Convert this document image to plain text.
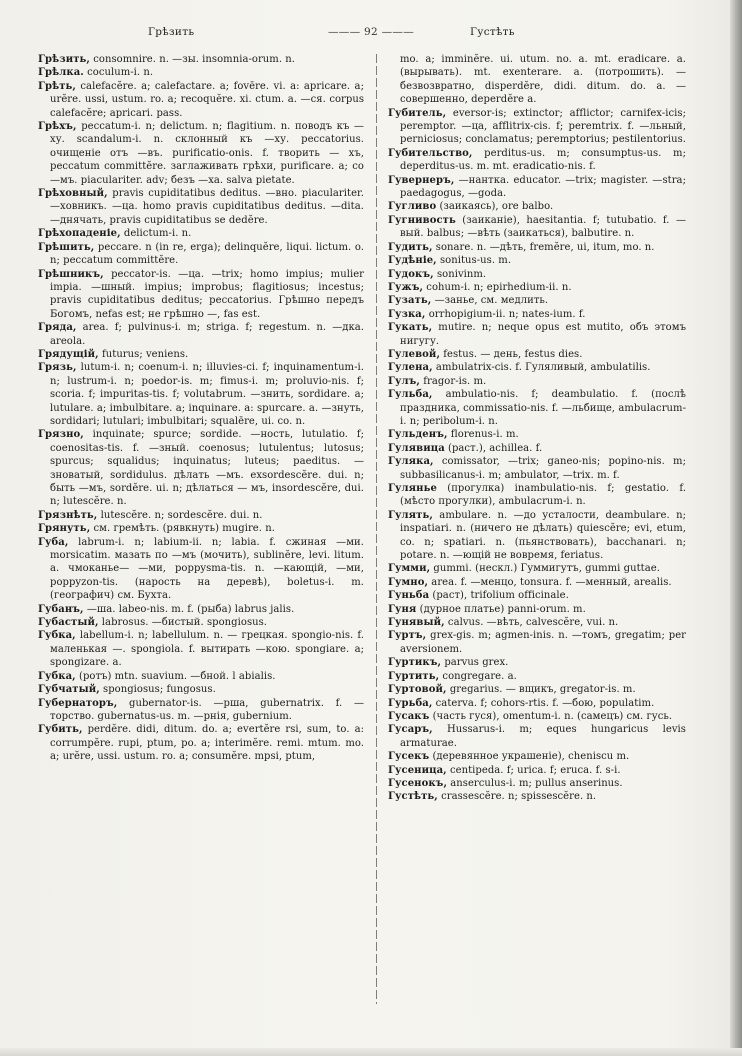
Грѣзить	——— 92 ———	Густѣть

Грѣзить, consomnire. n. —зы. insomnia-orum. n.

Грѣлка. coculum-i. n.

Грѣть, calefacĕre. a; calefactare. a; fovēre. vi. a: apricare. a; urĕre. ussi, ustum. ro. a; recoquĕre. xi. ctum. a. —ся. corpus calefacĕre; apricari. pass.

Грѣхъ, peccatum-i. n; delictum. n; flagitium. n. поводъ къ —ху. scandalum-i. n. склонный къ —ху. peccatorius. очищеніе отъ —въ. purificatio-onis. f. творить — хъ, peccatum committĕre. заглаживать грѣхи, purificare. a; со —мъ. piaculariter. adv; безъ —ха. salva pietate.

Грѣховный, pravis cupiditatibus deditus. —вно. piaculariter. —ховникъ. —ца. homo pravis cupiditatibus deditus. —dita. —днячать, pravis cupiditatibus se dedĕre.

Грѣхопаденіе, delictum-i. n.

Грѣшить, peccare. n (in re, erga); delinquĕre, liqui. lictum. o. n; peccatum committĕre.

Грѣшникъ, peccator-is. —ца. —trix; homo impius; mulier impia. —шный. impius; improbus; flagitiosus; incestus; pravis cupiditatibus deditus; peccatorius. Грѣшно передъ Богомъ, nefas est; не грѣшно —, fas est.

Гряда, area. f; pulvinus-i. m; striga. f; regestum. n. —дка. areola.

Грядущій, futurus; veniens.

Грязь, lutum-i. n; coenum-i. n; illuvies-ci. f; inquinamentum-i. n; lustrum-i. n; poedor-is. m; fimus-i. m; proluvio-nis. f; scoria. f; impuritas-tis. f; volutabrum. —знить, sordidare. a; lutulare. a; imbulbitare. a; inquinare. a: spurcare. a. —знуть, sordidari; lutulari; imbulbitari; squalēre, ui. co. n.

Грязно, inquinate; spurce; sordide. —ность, lutulatio. f; coenositas-tis. f. —зный. coenosus; lutulentus; lutosus; spurcus; squalidus; inquinatus; luteus; paeditus. —зноватый, sordidulus. дѣлать —мъ. exsordescĕre. dui. n; быть —мъ, sordĕre. ui. n; дѣлаться — мъ, insordescĕre, dui. n; lutescĕre. n.

Грязнѣть, lutescĕre. n; sordescĕre. dui. n.

Грянуть, см. гремѣть. (рявкнуть) mugire. n.

Губа, labrum-i. n; labium-ii. n; labia. f. сжиная —ми. morsicatim. мазать по —мъ (мочить), sublinĕre, levi. litum. a. чмоканье— —ми, poppysma-tis. n. —кающій, —ми, poppyzon-tis. (нарость на деревѣ), boletus-i. m. (географич) см. Бухта.

Губанъ, —ша. labeo-nis. m. f. (рыба) labrus jalis.

Губастый, labrosus. —бистый. spongiosus.

Губка, labellum-i. n; labellulum. n. — грецкая. spongio-nis. f. маленькая —. spongiola. f. вытирать —кою. spongiare. a; spongizare. a.

Губка, (ротъ) mtn. suavium. —бной. l abialis.

Губчатый, spongiosus; fungosus.

Губернаторъ, gubernator-is. —рша, gubernatrix. f. —торство. gubernatus-us. m. —рнія, gubernium.

Губить, perdĕre. didi, ditum. do. a; evertĕre rsi, sum, to. a: corrumpĕre. rupi, ptum, po. a; interimĕre. remi. mtum. mo. a; urĕre, ussi. ustum. ro. a; consumĕre. mpsi, ptum,

mo. a; imminĕre. ui. utum. no. a. mt. eradicare. a. (вырывать). mt. exenterare. a. (потрошить). — безвозвратно, disperdĕre, didi. ditum. do. a. — совершенно, deperdĕre a.

Губитель, eversor-is; extinctor; afflictor; carnifex-icis; peremptor. —ца, afflitrix-cis. f; peremtrix. f. —льный, perniciosus; conclamatus; peremptorius; pestilentorius.

Губительство, perditus-us. m; consumptus-us. m; deperditus-us. m. mt. eradicatio-nis. f.

Гувернеръ, —нантка. educator. —trix; magister. —stra; paedagogus, —goda.

Гугливо (заикаясь), ore balbo.

Гугнивость (заиканіе), haesitantia. f; tutubatio. f. —вый. balbus; —вѣть (заикаться), balbutire. n.

Гудить, sonare. n. —дѣть, fremĕre, ui, itum, mo. n.

Гудѣніе, sonitus-us. m.

Гудокъ, sonivinm.

Гужъ, cohum-i. n; epirhedium-ii. n.

Гузать, —занье, см. медлить.

Гузка, orrhopigium-ii. n; nates-ium. f.

Гукать, mutire. n; neque opus est mutito, объ этомъ нигугу.

Гулевой, festus. — день, festus dies.

Гулена, ambulatrix-cis. f. Гуляливый, ambulatilis.

Гулъ, fragor-is. m.

Гульба, ambulatio-nis. f; deambulatio. f. (послѣ праздника, commissatio-nis. f. —льбище, ambulacrum-i. n; peribolum-i. n.

Гульденъ, florenus-i. m.

Гулявица (раст.), achillea. f.

Гуляка, comissator, —trix; ganeo-nis; popino-nis. m; subbasilicanus-i. m; ambulator, —trix. m. f.

Гулянье (прогулка) inambulatio-nis. f; gestatio. f. (мѣсто прогулки), ambulacrum-i. n.

Гулять, ambulare. n. —до усталости, deambulare. n; inspatiari. n. (ничего не дѣлать) quiescĕre; evi, etum, co. n; spatiari. n. (пьянствовать), bacchanari. n; potare. n. —ющій не вовремя, feriatus.

Гумми, gummi. (нескл.) Гуммигутъ, gummi guttae.

Гумно, area. f. —менцо, tonsura. f. —менный, arealis.

Гуньба (раст), trifolium officinale.

Гуня (дурное платье) panni-orum. m.

Гунявый, calvus. —вѣть, calvescĕre, vui. n.

Гуртъ, grex-gis. m; agmen-inis. n. —томъ, gregatim; per aversionem.

Гуртикъ, parvus grex.

Гуртить, congregare. a.

Гуртовой, gregarius. — вщикъ, gregator-is. m.

Гурьба, caterva. f; cohors-rtis. f. —бою, populatim.

Гусакъ (часть гуся), omentum-i. n. (самецъ) см. гусь.

Гусаръ, Hussarus-i. m; eques hungaricus levis armaturae.

Гусекъ (деревянное украшеніе), chenisсu m.

Гусеница, centipeda. f; urica. f; eruca. f. s-i.

Гусенокъ, anserculus-i. m; pullus anserinus.

Густѣть, crassescĕre. n; spissescĕre. n.
